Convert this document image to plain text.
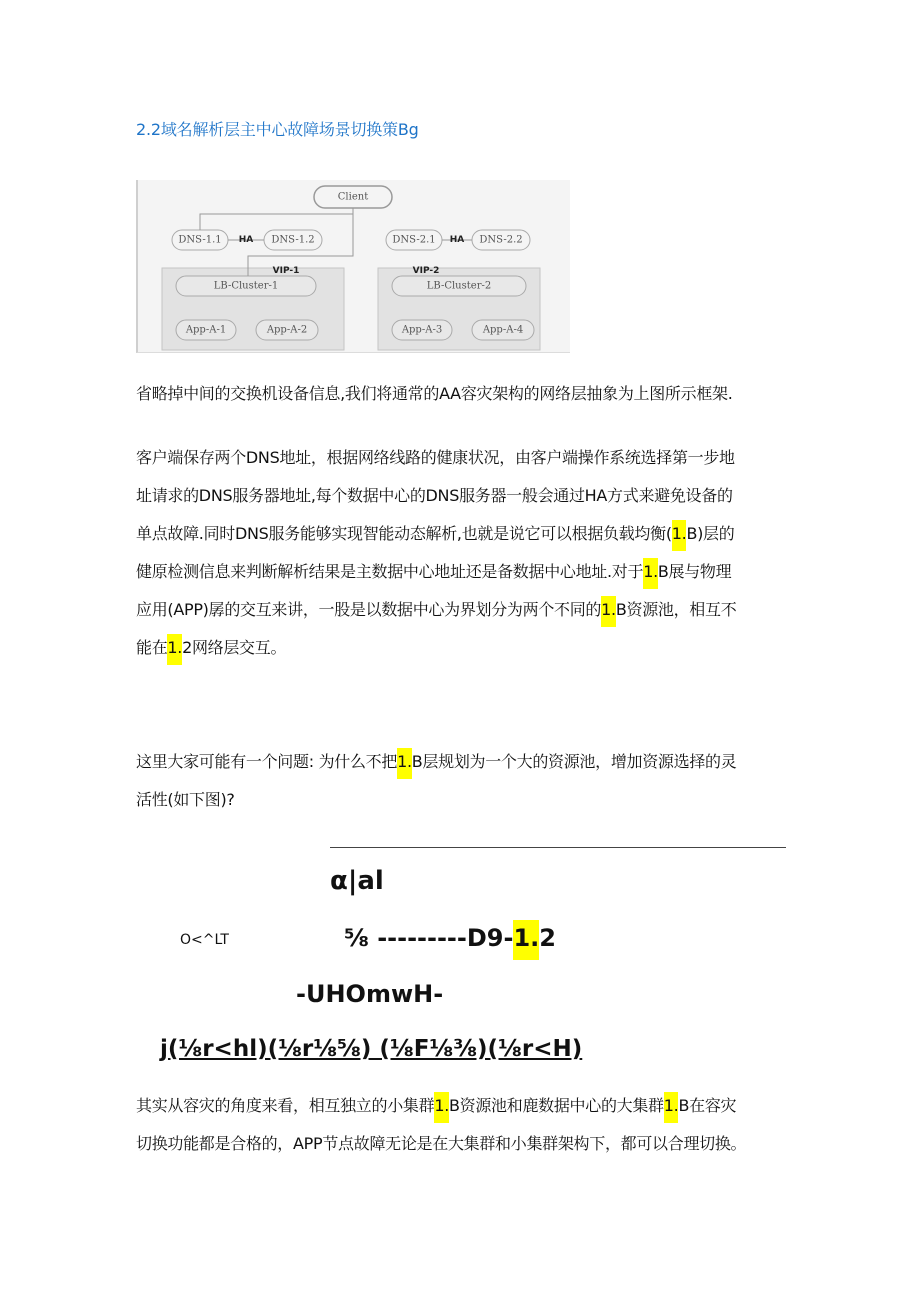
2.2域名解析层主中心故障场景切换策Bg
Client
DNS-1.1 HA DNS-1.2	DNS-2.1 HA DNS-2.2
VIP-1	VIP-2
LB-Cluster-1	LB-Cluster-2
App-A-1	App-A-2	App-A-3	App-A-4
省略掉中间的交换机设备信息,我们将通常的AA容灾架构的网络层抽象为上图所示框架.
客户端保存两个DNS地址，根据网络线路的健康状况，由客户端操作系统选择第一步地
址请求的DNS服务器地址,每个数据中心的DNS服务器一般会通过HA方式来避免设备的
单点故障.同时DNS服务能够实现智能动态解析,也就是说它可以根据负载均衡(1.B)层的
健原检测信息来判断解析结果是主数据中心地址还是备数据中心地址.对于1.B展与物理
应用(APP)孱的交互来讲，一股是以数据中心为界划分为两个不同的1.B资源池，相互不
能在1.2网络层交互。
这里大家可能有一个问题: 为什么不把1.B层规划为一个大的资源池，增加资源选择的灵
活性(如下图)?
α|al
O<^LT	⅝ ---------D9-1.2
-UHOmwH-
j(⅛r<hl)(⅛r⅛⅝) (⅛F⅛⅜)(⅛r<H)
其实从容灾的角度来看，相互独立的小集群1.B资源池和鹿数据中心的大集群1.B在容灾
切换功能都是合格的，APP节点故障无论是在大集群和小集群架构下，都可以合理切换。
